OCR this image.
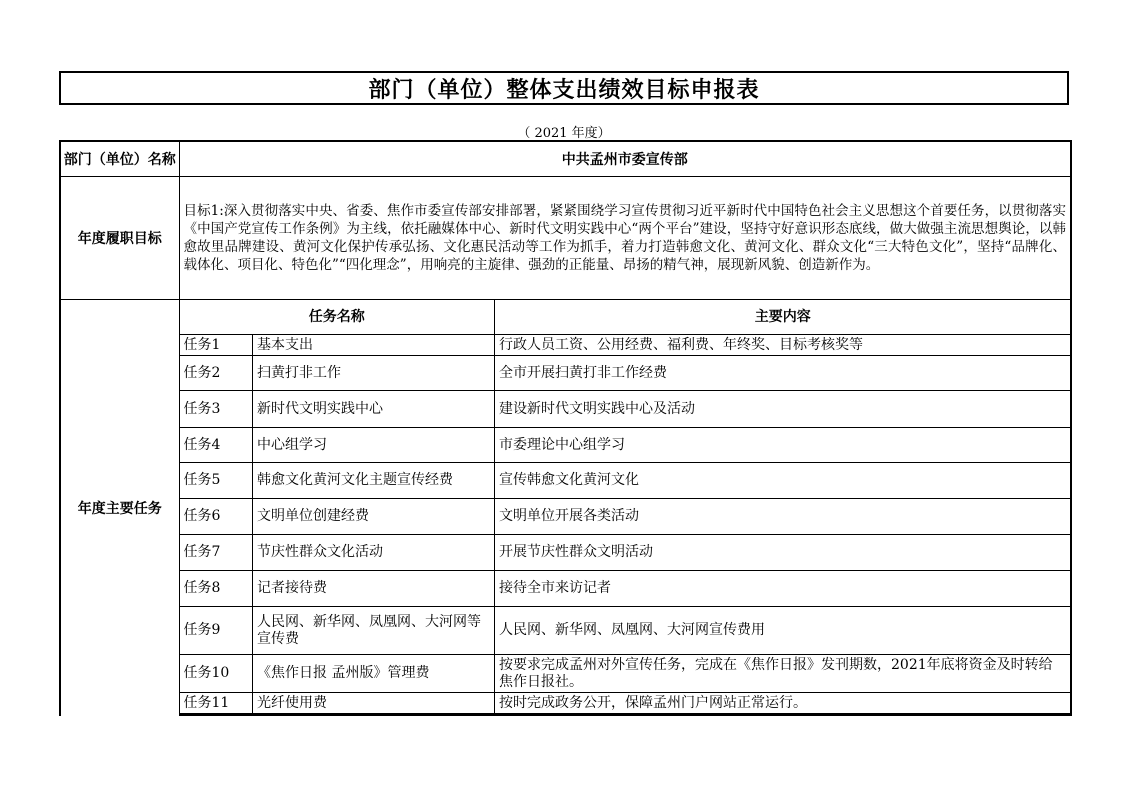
部门（单位）整体支出绩效目标申报表
（ 2021 年度）
部门（单位）名称	中共孟州市委宣传部

年度履职目标	
目标1:深入贯彻落实中央、省委、焦作市委宣传部安排部署，紧紧围绕学习宣传贯彻习近平新时代中国特色社会主义思想这个首要任务，以贯彻落实《中国产党宣传工作条例》为主线，依托融媒体中心、新时代文明实践中心“两个平台”建设，坚持守好意识形态底线，做大做强主流思想舆论，以韩愈故里品牌建设、黄河文化保护传承弘扬、文化惠民活动等工作为抓手，着力打造韩愈文化、黄河文化、群众文化“三大特色文化”，坚持“品牌化、载体化、项目化、特色化”“四化理念”，用响亮的主旋律、强劲的正能量、昂扬的精气神，展现新风貌、创造新作为。

年度主要任务	
任务名称	主要内容
任务1	基本支出	行政人员工资、公用经费、福利费、年终奖、目标考核奖等
任务2	扫黄打非工作	全市开展扫黄打非工作经费
任务3	新时代文明实践中心	建设新时代文明实践中心及活动
任务4	中心组学习	市委理论中心组学习
任务5	韩愈文化黄河文化主题宣传经费	宣传韩愈文化黄河文化
任务6	文明单位创建经费	文明单位开展各类活动
任务7	节庆性群众文化活动	开展节庆性群众文明活动
任务8	记者接待费	接待全市来访记者
任务9	人民网、新华网、凤凰网、大河网等宣传费	人民网、新华网、凤凰网、大河网宣传费用
任务10	《焦作日报 孟州版》管理费	按要求完成孟州对外宣传任务，完成在《焦作日报》发刊期数，2021年底将资金及时转给焦作日报社。
任务11	光纤使用费	按时完成政务公开，保障孟州门户网站正常运行。
